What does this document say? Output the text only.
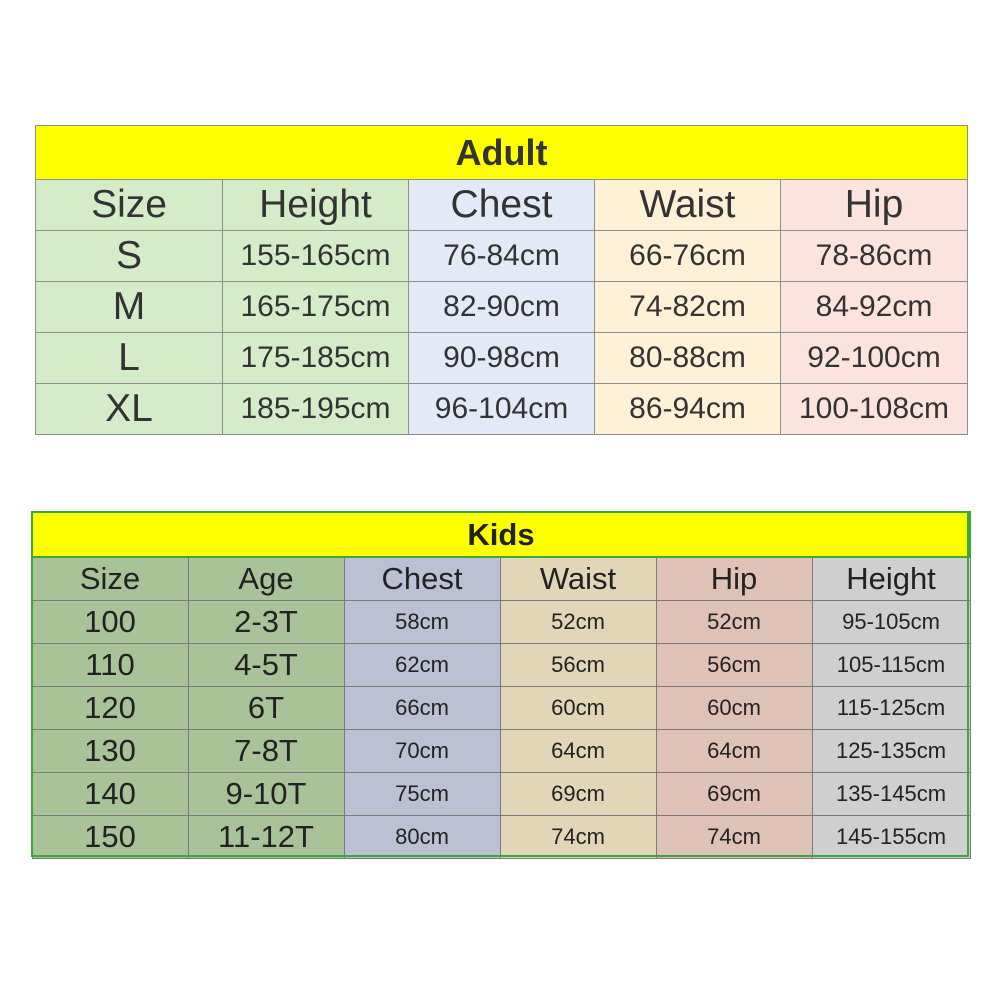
Adult				
Size	Height	Chest	Waist	Hip
S	155-165cm	76-84cm	66-76cm	78-86cm
M	165-175cm	82-90cm	74-82cm	84-92cm
L	175-185cm	90-98cm	80-88cm	92-100cm
XL	185-195cm	96-104cm	86-94cm	100-108cm
Kids					
Size	Age	Chest	Waist	Hip	Height
100	2-3T	58cm	52cm	52cm	95-105cm
110	4-5T	62cm	56cm	56cm	105-115cm
120	6T	66cm	60cm	60cm	115-125cm
130	7-8T	70cm	64cm	64cm	125-135cm
140	9-10T	75cm	69cm	69cm	135-145cm
150	11-12T	80cm	74cm	74cm	145-155cm
